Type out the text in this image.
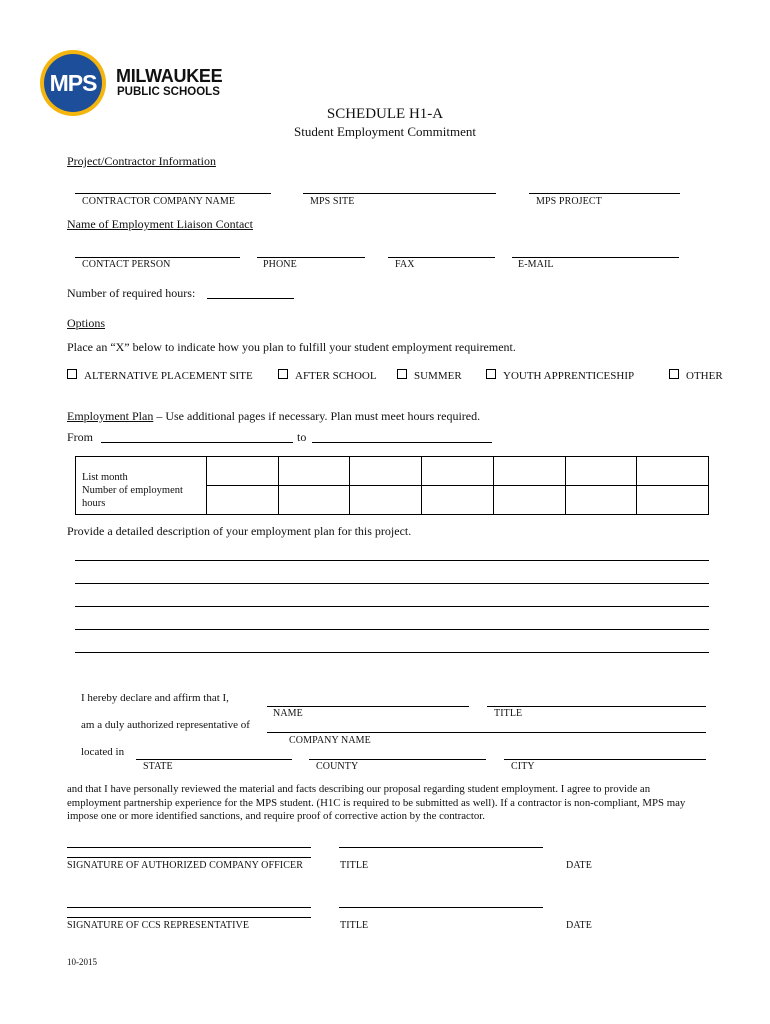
MPS	MILWAUKEE
PUBLIC SCHOOLS
SCHEDULE H1-A
Student Employment Commitment
Project/Contractor Information
CONTRACTOR COMPANY NAME	MPS SITE	MPS PROJECT
Name of Employment Liaison Contact
CONTACT PERSON	PHONE	FAX	E-MAIL
Number of required hours:
Options
Place an “X” below to indicate how you plan to fulfill your student employment requirement.
ALTERNATIVE PLACEMENT SITE	AFTER SCHOOL	SUMMER	YOUTH APPRENTICESHIP	OTHER
Employment Plan – Use additional pages if necessary. Plan must meet hours required.
From	to
List month
Number of employment hours							

Provide a detailed description of your employment plan for this project.
I hereby declare and affirm that I,
NAME	TITLE
am a duly authorized representative of
COMPANY NAME
located in
STATE	COUNTY	CITY
and that I have personally reviewed the material and facts describing our proposal regarding student employment. I agree to provide an employment partnership experience for the MPS student. (H1C is required to be submitted as well). If a contractor is non-compliant, MPS may impose one or more identified sanctions, and require proof of corrective action by the contractor.
SIGNATURE OF AUTHORIZED COMPANY OFFICER	TITLE	DATE
SIGNATURE OF CCS REPRESENTATIVE	TITLE	DATE
10-2015
